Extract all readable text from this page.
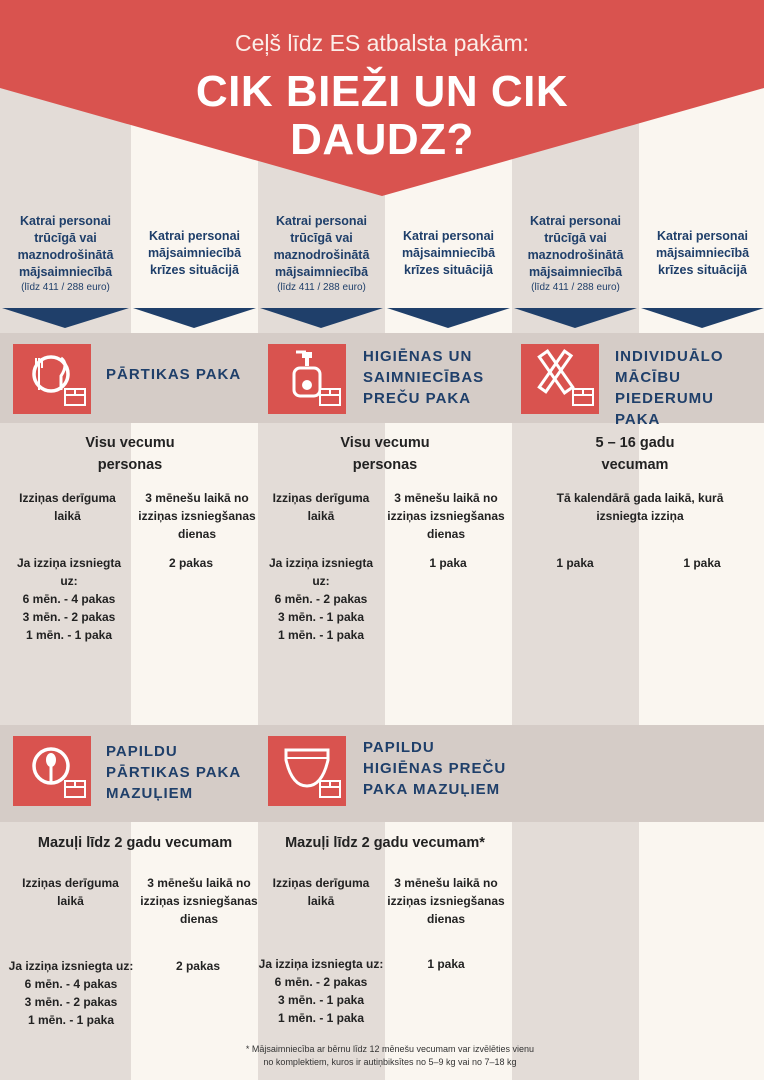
Ceļš līdz ES atbalsta pakām:
CIK BIEŽI UN CIK
DAUDZ?
Katrai personai trūcīgā vai maznodrošinātā mājsaimniecībā
(līdz 411 / 288 euro)
Katrai personai mājsaimniecībā krīzes situācijā
Katrai personai trūcīgā vai maznodrošinātā mājsaimniecībā
(līdz 411 / 288 euro)
Katrai personai mājsaimniecībā krīzes situācijā
Katrai personai trūcīgā vai maznodrošinātā mājsaimniecībā
(līdz 411 / 288 euro)
Katrai personai mājsaimniecībā krīzes situācijā
PĀRTIKAS PAKA
HIGIĒNAS UN
SAIMNIECĪBAS
PREČU PAKA
INDIVIDUĀLO
MĀCĪBU
PIEDERUMU PAKA
Visu vecumu
personas
Izziņas derīguma laikā
3 mēnešu laikā no izziņas izsniegšanas dienas
Ja izziņa izsniegta
uz:
6 mēn. - 4 pakas
3 mēn. - 2 pakas
1 mēn. - 1 paka
2 pakas
Visu vecumu
personas
Izziņas derīguma laikā
3 mēnešu laikā no izziņas izsniegšanas dienas
Ja izziņa izsniegta
uz:
6 mēn. - 2 pakas
3 mēn. - 1 paka
1 mēn. - 1 paka
1 paka
5 – 16 gadu
vecumam
Tā kalendārā gada laikā, kurā izsniegta izziņa
1 paka	1 paka
PAPILDU
PĀRTIKAS PAKA
MAZUĻIEM
PAPILDU
HIGIĒNAS PREČU
PAKA MAZUĻIEM
Mazuļi līdz 2 gadu vecumam
Izziņas derīguma laikā
3 mēnešu laikā no izziņas izsniegšanas dienas
Ja izziņa izsniegta uz:
6 mēn. - 4 pakas
3 mēn. - 2 pakas
1 mēn. - 1 paka
2 pakas
Mazuļi līdz 2 gadu vecumam*
Izziņas derīguma laikā
3 mēnešu laikā no izziņas izsniegšanas dienas
Ja izziņa izsniegta uz:
6 mēn. - 2 pakas
3 mēn. - 1 paka
1 mēn. - 1 paka
1 paka
* Mājsaimniecība ar bērnu līdz 12 mēnešu vecumam var izvēlēties vienu
no komplektiem, kuros ir autiņbiksītes no 5–9 kg vai no 7–18 kg
